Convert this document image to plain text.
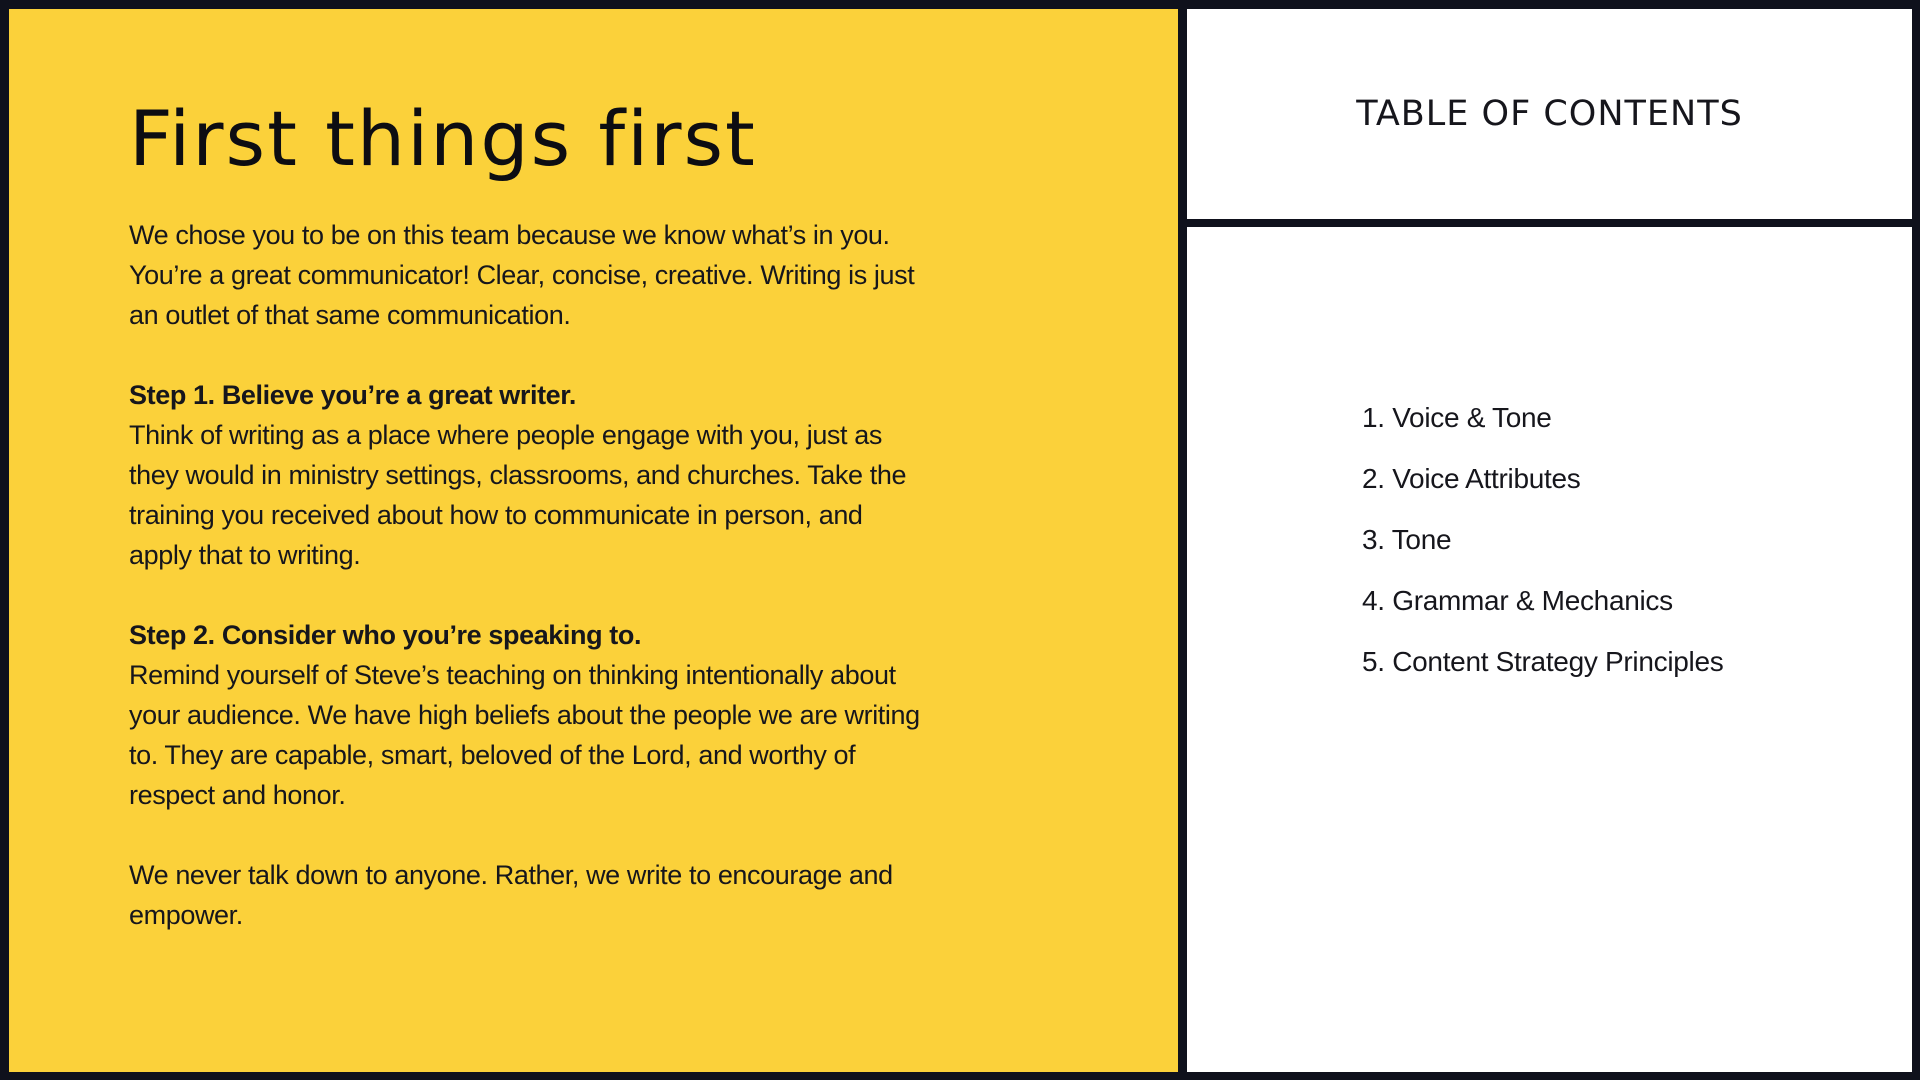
First things first

We chose you to be on this team because we know what’s in you. You’re a great communicator! Clear, concise, creative. Writing is just an outlet of that same communication.

Step 1. Believe you’re a great writer.
Think of writing as a place where people engage with you, just as they would in ministry settings, classrooms, and churches. Take the training you received about how to communicate in person, and apply that to writing.

Step 2. Consider who you’re speaking to.
Remind yourself of Steve’s teaching on thinking intentionally about your audience. We have high beliefs about the people we are writing to. They are capable, smart, beloved of the Lord, and worthy of respect and honor.

We never talk down to anyone. Rather, we write to encourage and empower.

TABLE OF CONTENTS
1. Voice & Tone
2. Voice Attributes
3. Tone
4. Grammar & Mechanics
5. Content Strategy Principles
